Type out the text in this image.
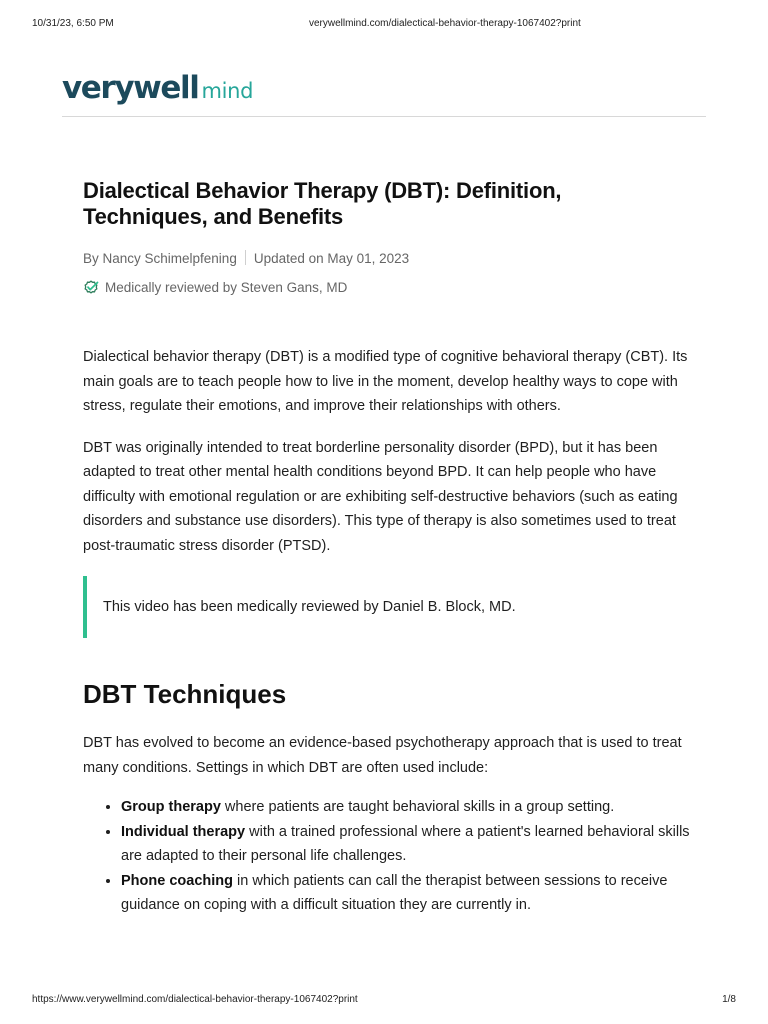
10/31/23, 6:50 PM	verywellmind.com/dialectical-behavior-therapy-1067402?print
verywell mind
Dialectical Behavior Therapy (DBT): Definition, Techniques, and Benefits
By Nancy Schimelpfening Updated on May 01, 2023
Medically reviewed by Steven Gans, MD

Dialectical behavior therapy (DBT) is a modified type of cognitive behavioral therapy (CBT). Its main goals are to teach people how to live in the moment, develop healthy ways to cope with stress, regulate their emotions, and improve their relationships with others.

DBT was originally intended to treat borderline personality disorder (BPD), but it has been adapted to treat other mental health conditions beyond BPD. It can help people who have difficulty with emotional regulation or are exhibiting self-destructive behaviors (such as eating disorders and substance use disorders). This type of therapy is also sometimes used to treat post-traumatic stress disorder (PTSD).

This video has been medically reviewed by Daniel B. Block, MD.
DBT Techniques

DBT has evolved to become an evidence-based psychotherapy approach that is used to treat many conditions. Settings in which DBT are often used include:

• Group therapy where patients are taught behavioral skills in a group setting.
• Individual therapy with a trained professional where a patient's learned behavioral skills are adapted to their personal life challenges.
• Phone coaching in which patients can call the therapist between sessions to receive guidance on coping with a difficult situation they are currently in.
https://www.verywellmind.com/dialectical-behavior-therapy-1067402?print	1/8
